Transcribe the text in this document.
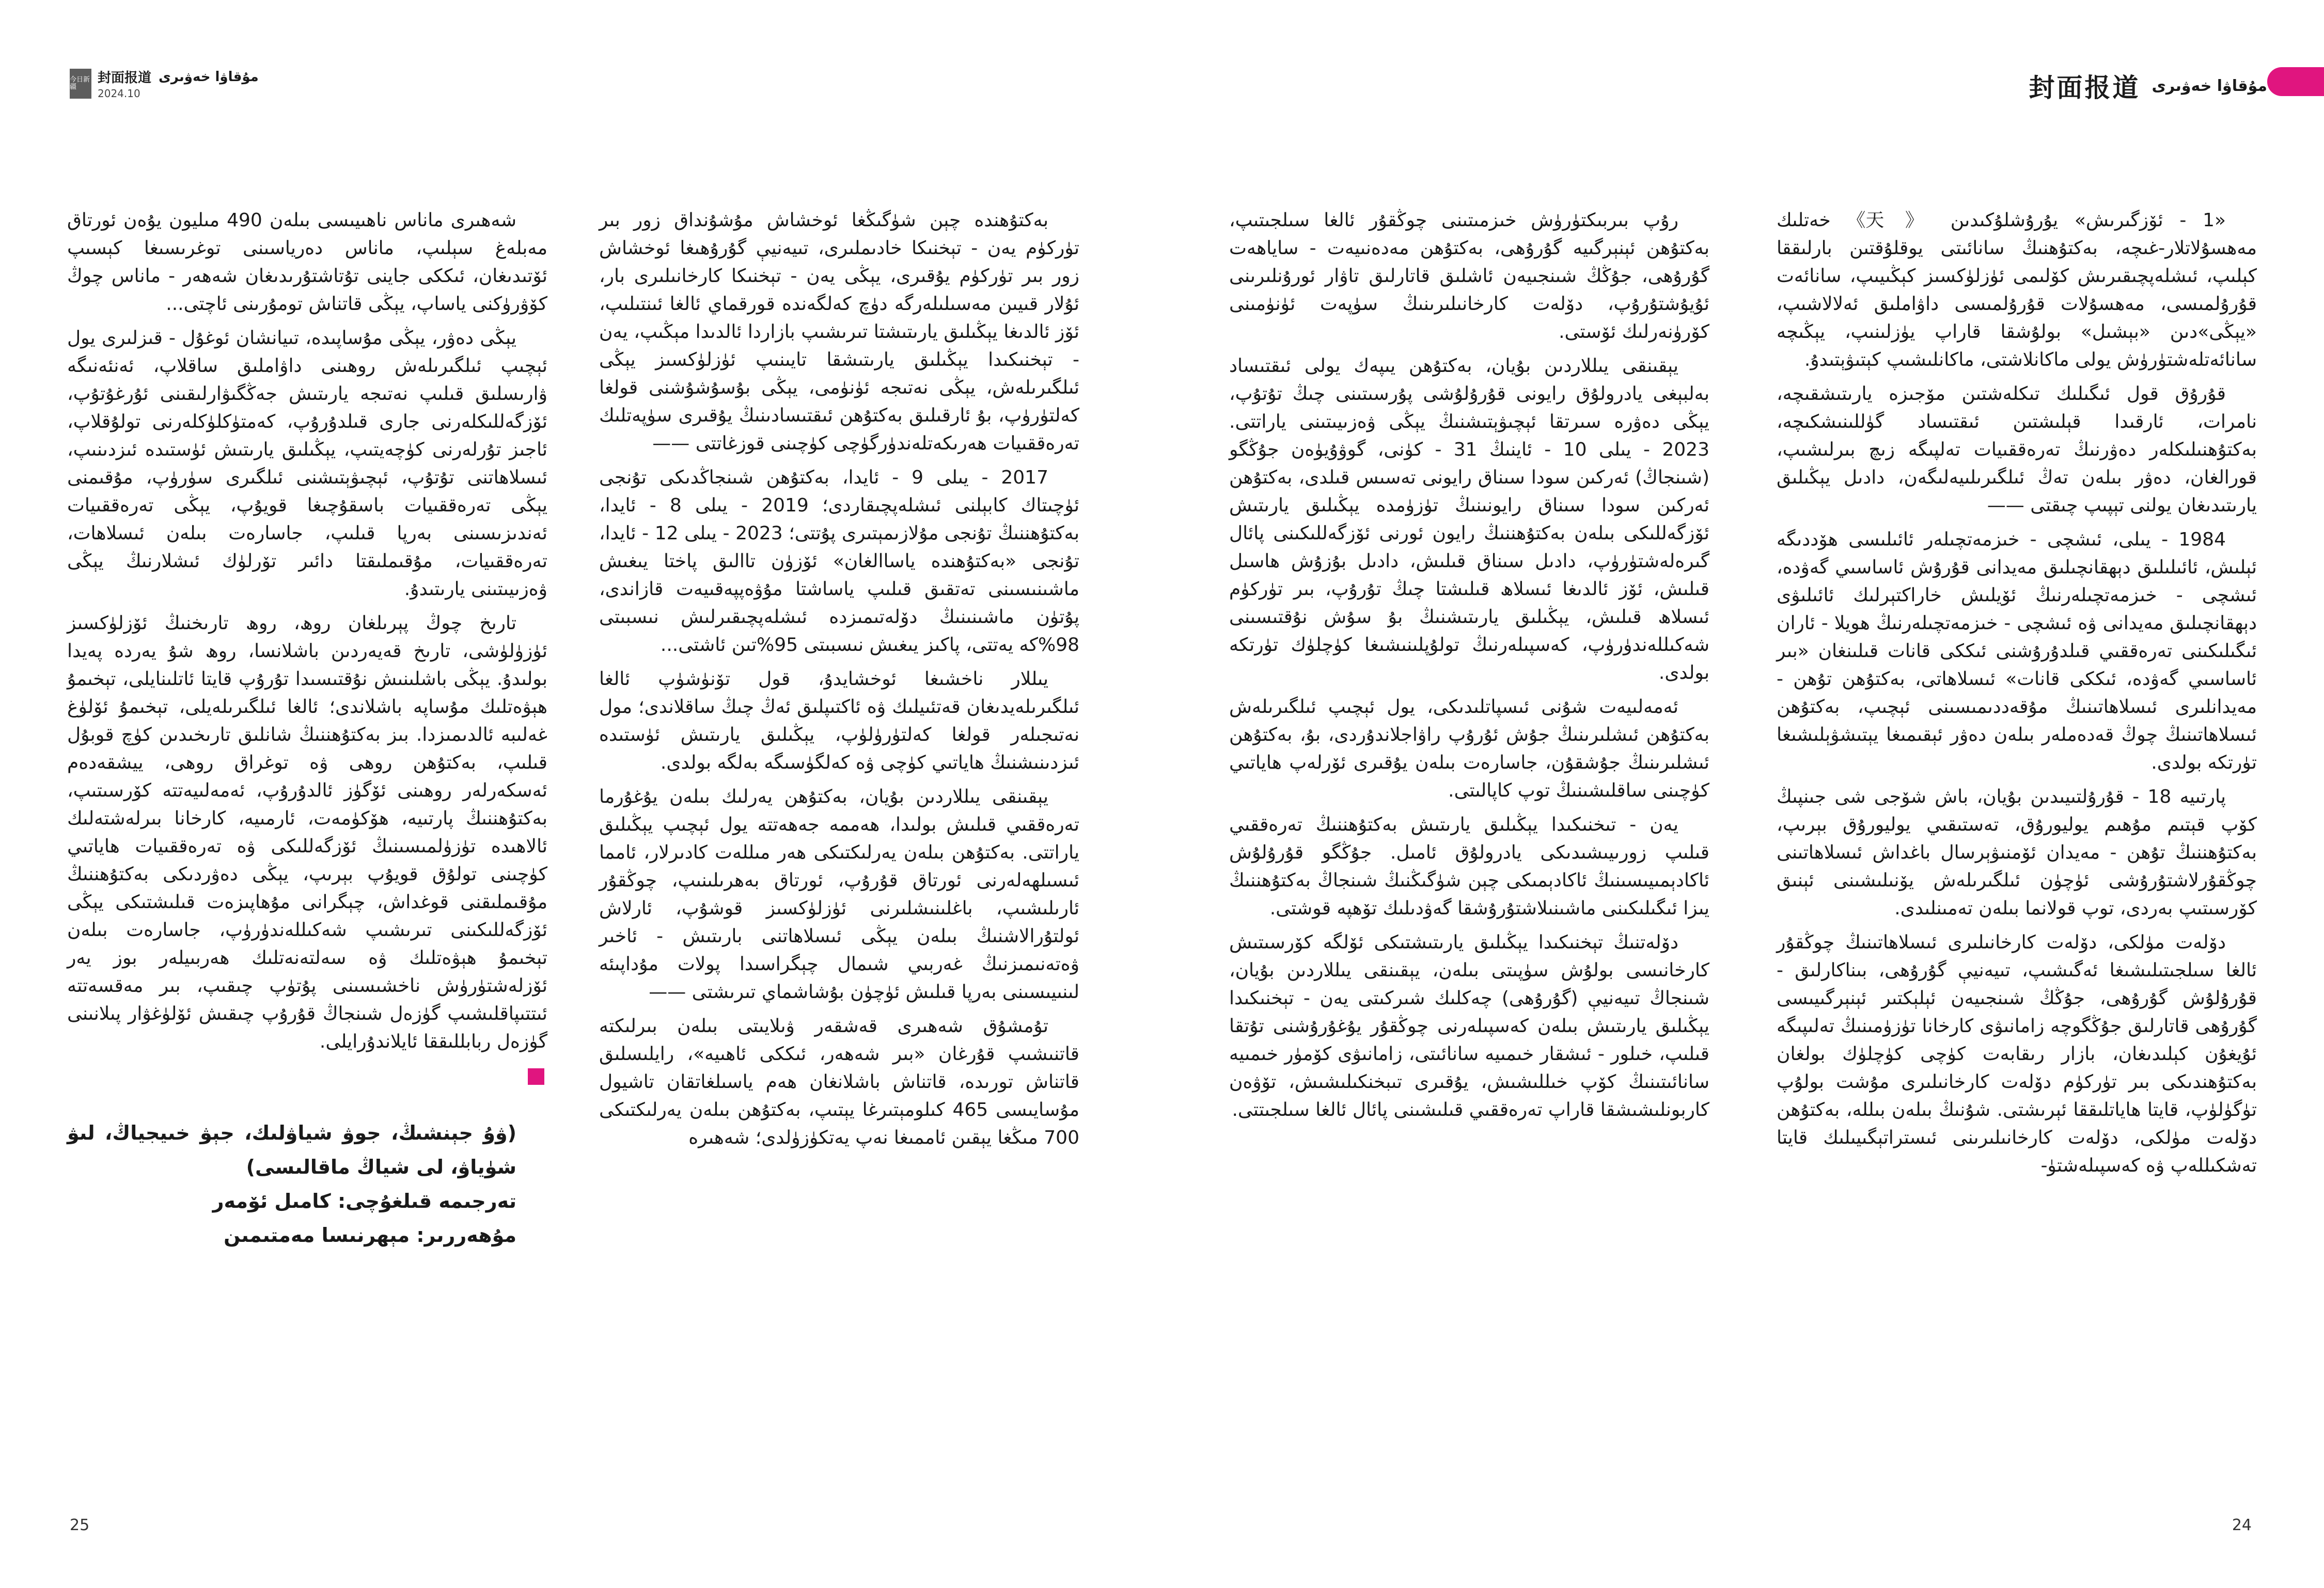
今日新疆
封面报道 مۇقاۋا خەۋىرى
2024.10

شەھىرى ماناس ناھىيىسى بىلەن 490 مىليون يۇەن ئورتاق مەبلەغ سېلىپ، ماناس دەرياسىنى توغرىسىغا كېسىپ ئۆتىدىغان، ئىككى جاينى تۇتاشتۇرىدىغان شەھەر - ماناس چوڭ كۆۋرۈكنى ياساپ، يېڭى قاتناش تومۇرىنى ئاچتى...

يېڭى دەۋر، يېڭى مۇساپىدە، تىيانشان ئوغۇل - قىزلىرى يول ئېچىپ ئىلگىرىلەش روھىنى داۋاملىق ساقلاپ، ئەنئەنىگە ۋارىسلىق قىلىپ نەتىجە يارىتىش جەڭگىۋارلىقىنى ئۇرغۇتۇپ، ئۆزگەللىكلەرنى جارى قىلدۇرۇپ، كەمتۈكلۈكلەرنى تولۇقلاپ، ئاجىز تۇرلەرنى كۈچەيتىپ، يېڭىلىق يارىتىش ئۈستىدە ئىزدىنىپ، ئىسلاھاتنى تۇتۇپ، ئېچىۋېتىشنى ئىلگىرى سۈرۈپ، مۇقىمنى يېڭى تەرەققىيات باسقۇچىغا قويۇپ، يېڭى تەرەققىيات ئەندىزىسىنى بەرپا قىلىپ، جاسارەت بىلەن ئىسلاھات، تەرەققىيات، مۇقىملىقتا دائىر تۆرلۈك ئىشلارنىڭ يېڭى ۋەزىيىتىنى يارىتىدۇ.

تارىخ چوڭ پېرىلغان روھ، روھ تارىخنىڭ ئۆزلۈكسىز ئۈزۈلۈشى، تارىخ قەيەردىن باشلانسا، روھ شۇ يەردە پەيدا بولىدۇ. يېڭى باشلىنىش نۇقتىسىدا تۇرۇپ قايتا ئاتلىنايلى، تېخىمۇ ھېۋەتلىك مۇساپە باشلاندى؛ ئالغا ئىلگىرىلەيلى، تېخىمۇ ئۆلۈغ غەلىبە ئالدىمىزدا. بىز بەكتۇھننىڭ شانلىق تارىخىدىن كۈچ قوبۇل قىلىپ، بەكتۇھن روھى ۋە توغراق روھى، ييشقەدەم ئەسكەرلەر روھىنى ئۆگۈز ئالدۇرۇپ، ئەمەلىيەتتە كۆرسىتىپ، بەكتۇھننىڭ پارتىيە، ھۆكۈمەت، ئارمىيە، كارخانا بىرلەشتەلىك ئالاھىدە تۈزۈلمىسىنىڭ ئۆزگەللىكى ۋە تەرەققىيات ھاياتىي كۈچىنى تولۇق قويۇپ بېرىپ، يېڭى دەۋردىكى بەكتۇھننىڭ مۇقىملىقنى قوغداش، چېگرانى مۇھاپىزەت قىلىشتىكى يېڭى ئۆزگەللىكىنى تىرىشىپ شەكىللەندۈرۈپ، جاسارەت بىلەن تېخىمۇ ھېۋەتلىك ۋە سەلتەنەتلىك ھەربىيلەر بوز يەر ئۆزلەشتۈرۈش ناخشىسىنى پۇتۈپ چىقىپ، بىر مەقسەتتە ئىتتىپاقلىشىپ گۈزەل شىنجاڭ قۇرۇپ چىقىش ئۆلۈغۋار پىلانىنى گۈزەل ربابللىققا ئايلاندۇرايلى.

(ۋۇ جېنشىڭ، جوۋ شياۋلىك، جېۋ خىيجياڭ، لىۋ شۈياۋ، لى شياڭ ماقالىسى)
تەرجىمە قىلغۇچى: كامىل ئۆمەر
مۇھەررىر: مېھرنىسا مەمتىمىن

بەكتۇھندە چېن شۈگىڭغا ئوخشاش مۇشۇنداق زور بىر تۈركۈم يەن - تېخنىكا خادىملىرى، تىيەنيې گۇرۇھىغا ئوخشاش زور بىر تۈركۈم يۇقىرى، يېڭى يەن - تېخنىكا كارخانىلىرى بار، ئۇلار قىيىن مەسىلىلەرگە دۈچ كەلگەندە قورقماي ئالغا ئىنتىلىپ، ئۆز ئالدىغا يېڭىلىق يارىتىشتا تىرىشىپ بازاردا ئالدىدا مېڭىپ، يەن - تېخنىكىدا يېڭىلىق يارىتىشقا تايىنىپ ئۈزلۈكسىز يېڭى ئىلگىرىلەش، يېڭى نەتىجە ئۈنۈمى، يېڭى بۇسۇشۇشنى قولغا كەلتۈرۈپ، بۇ ئارقىلىق بەكتۇھن ئىقتىسادىنىڭ يۇقىرى سۈپەتلىك تەرەققىيات ھەرىكەتلەندۈرگۈچى كۈچىنى قوزغاتتى ——

2017 - يىلى 9 - ئايدا، بەكتۇھن شىنجاڭدىكى تۇنجى ئۈچىتاك كابېلنى ئىشلەپچىقاردى؛ 2019 - يىلى 8 - ئايدا، بەكتۇھننىڭ تۇنجى مۇلازىمېتىرى پۇتتى؛ 2023 - يىلى 12 - ئايدا، تۇنجى «بەكتۇھندە ياساالغان» ئۆزۈن تاالىق پاختا يىغىش ماشىنىسىنى تەتقىق قىلىپ ياساشتا مۇۋەپپەقىيەت قازاندى، پۇتۈن ماشىنىنىڭ دۆلەتىمىزدە ئىشلەپچىقىرلىش نىسبىتى 98%كە يەتتى، پاكىز يىغىش نىسبىتى 95%تىن ئاشتى...

يىللار ناخشىغا ئوخشايدۇ، قول تۆنۈشۈپ ئالغا ئىلگىرىلەيدىغان قەتئىيلىك ۋە ئاكتىپلىق ئەڭ چىڭ ساقلاندى؛ مول نەتىجىلەر قولغا كەلتۈرۈلۈپ، يېڭىلىق يارىتىش ئۈستىدە ئىزدىنىشنىڭ ھاياتىي كۈچى ۋە كەلگۈسىگە بەلگە بولدى.

يېقىنقى يىللاردىن بۇيان، بەكتۇھن يەرلىك بىلەن يۇغۇرما تەرەققىي قىلىش بولىدا، ھەممە جەھەتتە يول ئېچىپ يېڭىلىق ياراتتى. بەكتۇھن بىلەن يەرلىكتىكى ھەر مىللەت كادىرلار، ئامما ئىسىلھەلەرنى ئورتاق قۇرۇپ، ئورتاق بەھرىلىنىپ، چوڭقۇر ئارىلىشىپ، باغلىنىشلىرنى ئۈزلۈكسىز قوشۇپ، ئارلاش ئولتۇرالاشنىڭ بىلەن يېڭى ئىسلاھاتنى بارىتىش - ئاخىر ۋەتەنىمىزنىڭ غەربىي شىمال چېگراسىدا پولات مۇداپىئە لىنىيىسىنى بەرپا قىلىش ئۈچۈن بۇشاشماي تىرىشتى ——

تۇمشۇق شەھىرى قەشقەر ۋىلايىتى بىلەن بىرلىكتە قاتنىشىپ قۇرغان «بىر شەھەر، ئىككى ئاھىيە»، رايلىسلىق قاتناش تورىدە، قاتناش باشلانغان ھەم ياسىلغاتقان تاشيول مۇسايىسى 465 كىلومېتىرغا يېتىپ، بەكتۇھن بىلەن يەرلىكتىكى 700 مىڭغا يېقىن ئاممىغا نەپ يەتكۈزۈلدى؛ شەھىرە

25
封面报道 مۇقاۋا خەۋىرى
24

رۇپ بىربىكتۈرۈش خىزمىتىنى چوڭقۇر ئالغا سىلجىتىپ، بەكتۇھن ئېنېرگىيە گۇرۇھى، بەكتۇھن مەدەنىيەت - ساياھەت گۇرۇھى، جۇڭڭ شىنجىيەن ئاشلىق قاتارلىق تاۋار ئورۇنلىرىنى ئۇيۇشتۇرۇپ، دۆلەت كارخانىلىرىنىڭ سۈپەت ئۈنۈمىنى كۆرۈنەرلىك ئۆستى.

يېقىنقى يىللاردىن بۇيان، بەكتۇھن يىپەك يولى ئىقتىساد بەلبېغى يادرولۇق رايونى قۇرۇلۇشى پۇرسىتىنى چىڭ تۇتۇپ، يېڭى دەۋرە سىرتقا ئېچىۋېتىشنىڭ يېڭى ۋەزىيىتىنى ياراتتى. 2023 - يىلى 10 - ئاينىڭ 31 - كۈنى، گوۋۇيۈەن جۇڭگو (شىنجاڭ) ئەركىن سودا سىناق رايونى تەسىس قىلدى، بەكتۇھن ئەركىن سودا سىناق رايونىنىڭ تۈزۈمدە يېڭىلىق يارىتىش ئۆزگەللىكى بىلەن بەكتۇھننىڭ رايون ئورنى ئۆزگەللىكىنى پائال گىرەلەشتۈرۈپ، دادىل سىناق قىلىش، دادىل بۇزۇش ھاسىل قىلىش، ئۆز ئالدىغا ئىسلاھ قىلىشتا چىڭ تۇرۇپ، بىر تۈركۈم ئىسلاھ قىلىش، يېڭىلىق يارىتىشنىڭ بۇ سۇش نۇقتىسىنى شەكىللەندۈرۈپ، كەسپىلەرنىڭ تولۇپلىنىشىغا كۈچلۈك تۈرتكە بولدى.

ئەمەلىيەت شۇنى ئىسپاتلىدىكى، يول ئېچىپ ئىلگىرىلەش بەكتۇھن ئىشلىرىنىڭ جۇش ئۇرۇپ راۋاجلاندۇردى، بۇ، بەكتۇھن ئىشلىرىنىڭ جۇشقۇن، جاسارەت بىلەن يۇقىرى ئۆرلەپ ھاياتىي كۈچىنى ساقلىشىنىڭ توپ كاپالىتى.

يەن - تىخنىكىدا يېڭىلىق يارىتىش بەكتۇھننىڭ تەرەققىي قىلىپ زورىيىشىدىكى يادرولۇق ئامىل. جۇڭگو قۇرۇلۇش ئاكادېمىيىسىنىڭ ئاكادېمىكى چېن شۈگىڭنىڭ شىنجاڭ بەكتۇھننىڭ يىزا ئىگىلىكىنى ماشىنىلاشتۇرۇشقا گەۋدىلىك تۆھپە قوشتى.

دۆلەتنىڭ تېخنىكىدا يېڭىلىق يارىتىشتىكى ئۆلگە كۆرسىتىش كارخانىسى بولۇش سۈپىتى بىلەن، يېقىنقى يىللاردىن بۇيان، شىنجاڭ تىيەنيې (گۇرۇھى) چەكلىك شىركىتى يەن - تېخنىكىدا يېڭىلىق يارىتىش بىلەن كەسپىلەرنى چوڭقۇر يۇغۇرۇشنى تۇتقا قىلىپ، خىلور - ئىشقار خىمىيە سانائىتى، زامانىۋى كۆمۈر خىمىيە سانائىتىنىڭ كۆپ خىللىشىش، يۇقىرى تىبخنكىلىشىش، تۆۋەن كاربونلىشىشقا قاراپ تەرەققىي قىلىشىنى پائال ئالغا سىلجىتتى.

«1 - ئۆزگىرىش» يۇرۇشلۇكىدىن 《天》 خەتلىك مەھسۇلاتلار-غىچە، بەكتۇھنىڭ سانائىتى يوقلۇقتىن بارلىققا كېلىپ، ئىشلەپچىقىرىش كۆلىمى ئۈزلۈكسىز كېڭىيىپ، سانائەت قۇرۇلمىسى، مەھسۇلات قۇرۇلمىسى داۋاملىق ئەلالاشىپ، «يېڭى»دىن «بېشىل» بولۇشقا قاراپ يۈزلىنىپ، يېڭىچە سانائەتلەشتۈرۈش يولى ماكانلاشتى، ماكانلىشىپ كېتىۋېتىدۇ.

قۇرۇق قول ئىگىلىك تىكلەشتىن مۆجىزە يارىتىشقىچە، نامرات، ئارقىدا قېلىشتىن ئىقتىساد گۈللىنىشكىچە، بەكتۇھنىلىكلەر دەۋرنىڭ تەرەققىيات تەلپىگە زىچ بىرلىشىپ، قورالغان، دەۋر بىلەن تەڭ ئىلگىرىلىيەلىگەن، دادىل يېڭىلىق يارىتىدىغان يولنى تېپىپ چىقتى ——

1984 - يىلى، ئىشچى - خىزمەتچىلەر ئائىلىسى ھۆددىگە ئېلىش، ئائىلىلىق دېھقانچىلىق مەيدانى قۇرۇش ئاساسىي گەۋدە، ئىشچى - خىزمەتچىلەرنىڭ ئۆيلىش خاراكتېرلىك ئائىلىۋى دېھقانچىلىق مەيدانى ۋە ئىشچى - خىزمەتچىلەرنىڭ ھويلا - ئاران ئىگىلىكىنى تەرەققىي قىلدۇرۇشنى ئىككى قانات قىلىنغان «بىر ئاساسىي گەۋدە، ئىككى قانات» ئىسلاھاتى، بەكتۇھن تۇھن - مەيدانلىرى ئىسلاھاتىنىڭ مۇقەددىمىسىنى ئېچىپ، بەكتۇھن ئىسلاھاتىنىڭ چوڭ قەدەملەر بىلەن دەۋر ئېقىمىغا يېتىشۋېلىشىغا تۈرتكە بولدى.

پارتىيە 18 - قۇرۇلتىيىدىن بۇيان، باش شۆجى شى جىنپىڭ كۆپ قېتىم مۇھىم يوليورۇق، تەستىقىي يوليورۇق بېرىپ، بەكتۇھننىڭ تۇھن - مەيدان ئۆمنىۋېرسال باغداش ئىسلاھاتىنى چوڭقۇرلاشتۇرۇشى ئۈچۈن ئىلگىرىلەش يۆنىلىشىنى ئېنىق كۆرسىتىپ بەردى، توپ قولانما بىلەن تەمىنلىدى.

دۆلەت مۈلكى، دۆلەت كارخانىلىرى ئىسلاھاتىنىڭ چوڭقۇر ئالغا سىلجىتىلىشىغا ئەگىشىپ، تىيەنيې گۇرۇھى، بىناكارلىق - قۇرۇلۇش گۇرۇھى، جۇڭڭ شىنجىيەن ئېلېكتىر ئېنېرگىيىسى گۇرۇھى قاتارلىق جۇڭگوچە زامانىۋى كارخانا تۈزۈمىنىڭ تەلىپىگە ئۇيغۇن كېلىدىغان، بازار رىقابەت كۈچى كۈچلۈك بولغان بەكتۇھندىكى بىر تۈركۈم دۆلەت كارخانىلىرى مۇشت بولۇپ تۈگۈلۈپ، قايتا ھاياتلىققا ئېرىشتى. شۇنىڭ بىلەن بىللە، بەكتۇھن دۆلەت مۈلكى، دۆلەت كارخانىلىرىنى ئىستراتېگىيىلىك قايتا تەشكىللەپ ۋە كەسپىلەشتۈ-
